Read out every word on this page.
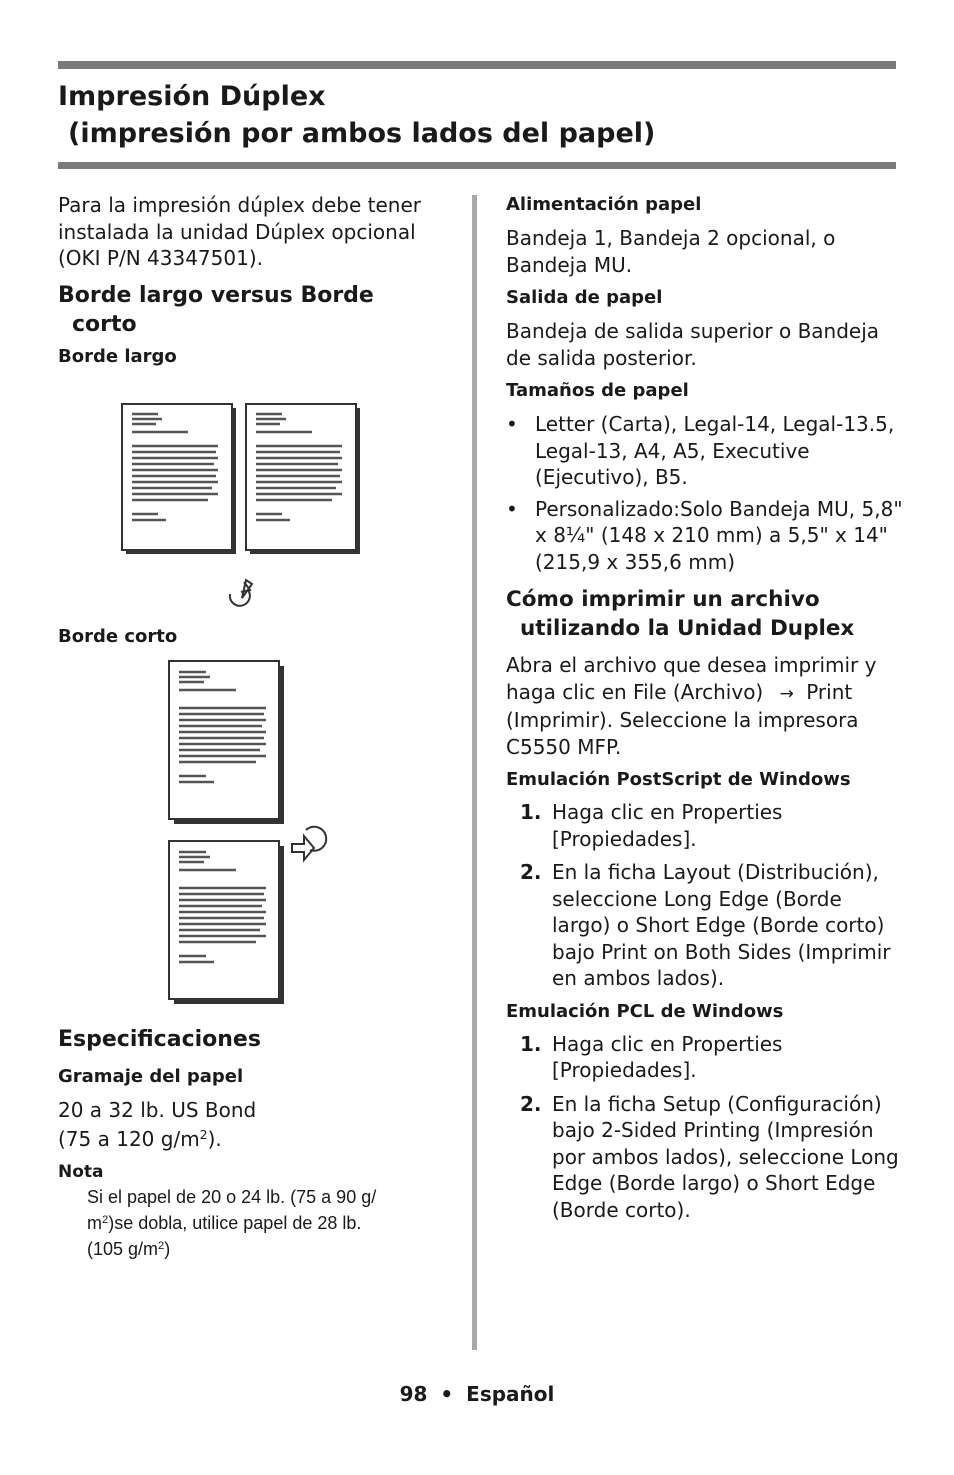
Impresión Dúplex
(impresión por ambos lados del papel)

Para la impresión dúplex debe tener instalada la unidad Dúplex opcional (OKI P/N 43347501).

Borde largo versus Borde
corto
Borde largo
Borde corto
Especificaciones
Gramaje del papel

20 a 32 lb. US Bond
(75 a 120 $g/m^2$).

Nota

Si el papel de 20 o 24 lb. (75 a 90 g/
$m^2)se$ dobla, utilice papel de 28 lb.
(105 $g/m^2$)

Alimentación papel

Bandeja 1, Bandeja 2 opcional, o Bandeja MU.

Salida de papel

Bandeja de salida superior o Bandeja de salida posterior.

Tamaños de papel
• Letter (Carta), Legal-14, Legal-13.5, Legal-13, A4, A5, Executive (Ejecutivo), B5.
• Personalizado:Solo Bandeja MU, 5,8" x 8¼" (148 x 210 mm) a 5,5" x 14" (215,9 x 355,6 mm)
Cómo imprimir un archivo
utilizando la Unidad Duplex

Abra el archivo que desea imprimir y haga clic en File (Archivo) → Print (Imprimir). Seleccione la impresora C5550 MFP.

Emulación PostScript de Windows
1. Haga clic en Properties [Propiedades].
2. En la ficha Layout (Distribución), seleccione Long Edge (Borde largo) o Short Edge (Borde corto) bajo Print on Both Sides (Imprimir en ambos lados).
Emulación PCL de Windows
1. Haga clic en Properties [Propiedades].
2. En la ficha Setup (Configuración) bajo 2-Sided Printing (Impresión por ambos lados), seleccione Long Edge (Borde largo) o Short Edge (Borde corto).
98 • Español
